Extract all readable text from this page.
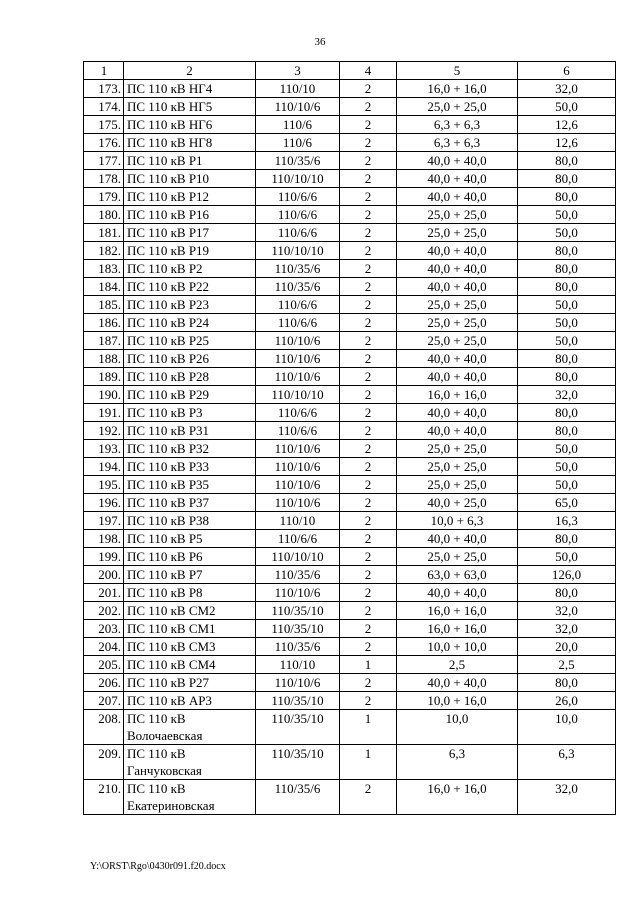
36
1	2	3	4	5	6
173.	ПС 110 кВ НГ4	110/10	2	16,0 + 16,0	32,0
174.	ПС 110 кВ НГ5	110/10/6	2	25,0 + 25,0	50,0
175.	ПС 110 кВ НГ6	110/6	2	6,3 + 6,3	12,6
176.	ПС 110 кВ НГ8	110/6	2	6,3 + 6,3	12,6
177.	ПС 110 кВ Р1	110/35/6	2	40,0 + 40,0	80,0
178.	ПС 110 кВ Р10	110/10/10	2	40,0 + 40,0	80,0
179.	ПС 110 кВ Р12	110/6/6	2	40,0 + 40,0	80,0
180.	ПС 110 кВ Р16	110/6/6	2	25,0 + 25,0	50,0
181.	ПС 110 кВ Р17	110/6/6	2	25,0 + 25,0	50,0
182.	ПС 110 кВ Р19	110/10/10	2	40,0 + 40,0	80,0
183.	ПС 110 кВ Р2	110/35/6	2	40,0 + 40,0	80,0
184.	ПС 110 кВ Р22	110/35/6	2	40,0 + 40,0	80,0
185.	ПС 110 кВ Р23	110/6/6	2	25,0 + 25,0	50,0
186.	ПС 110 кВ Р24	110/6/6	2	25,0 + 25,0	50,0
187.	ПС 110 кВ Р25	110/10/6	2	25,0 + 25,0	50,0
188.	ПС 110 кВ Р26	110/10/6	2	40,0 + 40,0	80,0
189.	ПС 110 кВ Р28	110/10/6	2	40,0 + 40,0	80,0
190.	ПС 110 кВ Р29	110/10/10	2	16,0 + 16,0	32,0
191.	ПС 110 кВ Р3	110/6/6	2	40,0 + 40,0	80,0
192.	ПС 110 кВ Р31	110/6/6	2	40,0 + 40,0	80,0
193.	ПС 110 кВ Р32	110/10/6	2	25,0 + 25,0	50,0
194.	ПС 110 кВ Р33	110/10/6	2	25,0 + 25,0	50,0
195.	ПС 110 кВ Р35	110/10/6	2	25,0 + 25,0	50,0
196.	ПС 110 кВ Р37	110/10/6	2	40,0 + 25,0	65,0
197.	ПС 110 кВ Р38	110/10	2	10,0 + 6,3	16,3
198.	ПС 110 кВ Р5	110/6/6	2	40,0 + 40,0	80,0
199.	ПС 110 кВ Р6	110/10/10	2	25,0 + 25,0	50,0
200.	ПС 110 кВ Р7	110/35/6	2	63,0 + 63,0	126,0
201.	ПС 110 кВ Р8	110/10/6	2	40,0 + 40,0	80,0
202.	ПС 110 кВ СМ2	110/35/10	2	16,0 + 16,0	32,0
203.	ПС 110 кВ СМ1	110/35/10	2	16,0 + 16,0	32,0
204.	ПС 110 кВ СМ3	110/35/6	2	10,0 + 10,0	20,0
205.	ПС 110 кВ СМ4	110/10	1	2,5	2,5
206.	ПС 110 кВ Р27	110/10/6	2	40,0 + 40,0	80,0
207.	ПС 110 кВ АР3	110/35/10	2	10,0 + 16,0	26,0
208.	ПС 110 кВ Волочаевская	110/35/10	1	10,0	10,0
209.	ПС 110 кВ Ганчуковская	110/35/10	1	6,3	6,3
210.	ПС 110 кВ Екатериновская	110/35/6	2	16,0 + 16,0	32,0
Y:\ORST\Rgo\0430r091.f20.docx
